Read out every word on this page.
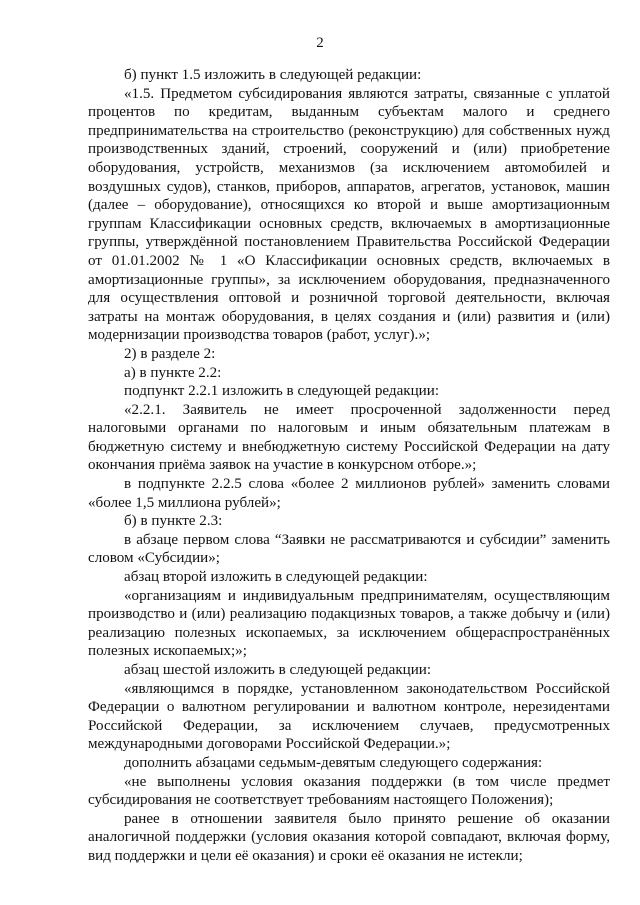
2

б) пункт 1.5 изложить в следующей редакции:

«1.5. Предметом субсидирования являются затраты, связанные с уплатой процентов по кредитам, выданным субъектам малого и среднего предпринимательства на строительство (реконструкцию) для собственных нужд производственных зданий, строений, сооружений и (или) приобретение оборудования, устройств, механизмов (за исключением автомобилей и воздушных судов), станков, приборов, аппаратов, агрегатов, установок, машин (далее – оборудование), относящихся ко второй и выше амортизационным группам Классификации основных средств, включаемых в амортизационные группы, утверждённой постановлением Правительства Российской Федерации от 01.01.2002 № 1 «О Классификации основных средств, включаемых в амортизационные группы», за исключением оборудования, предназначенного для осуществления оптовой и розничной торговой деятельности, включая затраты на монтаж оборудования, в целях создания и (или) развития и (или) модернизации производства товаров (работ, услуг).»;

2) в разделе 2:

а) в пункте 2.2:

подпункт 2.2.1 изложить в следующей редакции:

«2.2.1. Заявитель не имеет просроченной задолженности перед налоговыми органами по налоговым и иным обязательным платежам в бюджетную систему и внебюджетную систему Российской Федерации на дату окончания приёма заявок на участие в конкурсном отборе.»;

в подпункте 2.2.5 слова «более 2 миллионов рублей» заменить словами «более 1,5 миллиона рублей»;

б) в пункте 2.3:

в абзаце первом слова “Заявки не рассматриваются и субсидии” заменить словом «Субсидии»;

абзац второй изложить в следующей редакции:

«организациям и индивидуальным предпринимателям, осуществляющим производство и (или) реализацию подакцизных товаров, а также добычу и (или) реализацию полезных ископаемых, за исключением общераспространённых полезных ископаемых;»;

абзац шестой изложить в следующей редакции:

«являющимся в порядке, установленном законодательством Российской Федерации о валютном регулировании и валютном контроле, нерезидентами Российской Федерации, за исключением случаев, предусмотренных международными договорами Российской Федерации.»;

дополнить абзацами седьмым-девятым следующего содержания:

«не выполнены условия оказания поддержки (в том числе предмет субсидирования не соответствует требованиям настоящего Положения);

ранее в отношении заявителя было принято решение об оказании аналогичной поддержки (условия оказания которой совпадают, включая форму, вид поддержки и цели её оказания) и сроки её оказания не истекли;
